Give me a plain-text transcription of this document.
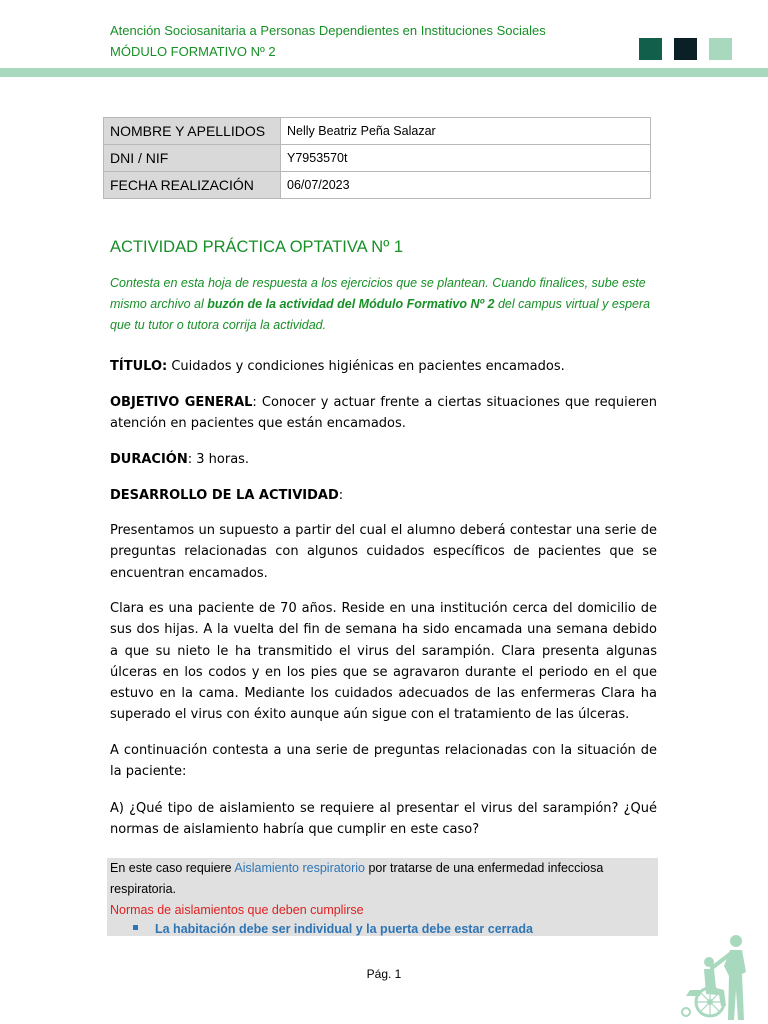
Atención Sociosanitaria a Personas Dependientes en Instituciones Sociales
MÓDULO FORMATIVO Nº 2
NOMBRE Y APELLIDOS	Nelly Beatriz Peña Salazar
DNI / NIF	Y7953570t
FECHA REALIZACIÓN	06/07/2023
ACTIVIDAD PRÁCTICA OPTATIVA Nº 1
Contesta en esta hoja de respuesta a los ejercicios que se plantean. Cuando finalices, sube este mismo archivo al buzón de la actividad del Módulo Formativo Nº 2 del campus virtual y espera que tu tutor o tutora corrija la actividad.
TÍTULO: Cuidados y condiciones higiénicas en pacientes encamados.
OBJETIVO GENERAL: Conocer y actuar frente a ciertas situaciones que requieren atención en pacientes que están encamados.
DURACIÓN: 3 horas.
DESARROLLO DE LA ACTIVIDAD:
Presentamos un supuesto a partir del cual el alumno deberá contestar una serie de preguntas relacionadas con algunos cuidados específicos de pacientes que se encuentran encamados.
Clara es una paciente de 70 años. Reside en una institución cerca del domicilio de sus dos hijas. A la vuelta del fin de semana ha sido encamada una semana debido a que su nieto le ha transmitido el virus del sarampión. Clara presenta algunas úlceras en los codos y en los pies que se agravaron durante el periodo en el que estuvo en la cama. Mediante los cuidados adecuados de las enfermeras Clara ha superado el virus con éxito aunque aún sigue con el tratamiento de las úlceras.
A continuación contesta a una serie de preguntas relacionadas con la situación de la paciente:
A) ¿Qué tipo de aislamiento se requiere al presentar el virus del sarampión? ¿Qué normas de aislamiento habría que cumplir en este caso?
En este caso requiere Aislamiento respiratorio por tratarse de una enfermedad infecciosa respiratoria.
Normas de aislamientos que deben cumplirse
La habitación debe ser individual y la puerta debe estar cerrada
Pág. 1
